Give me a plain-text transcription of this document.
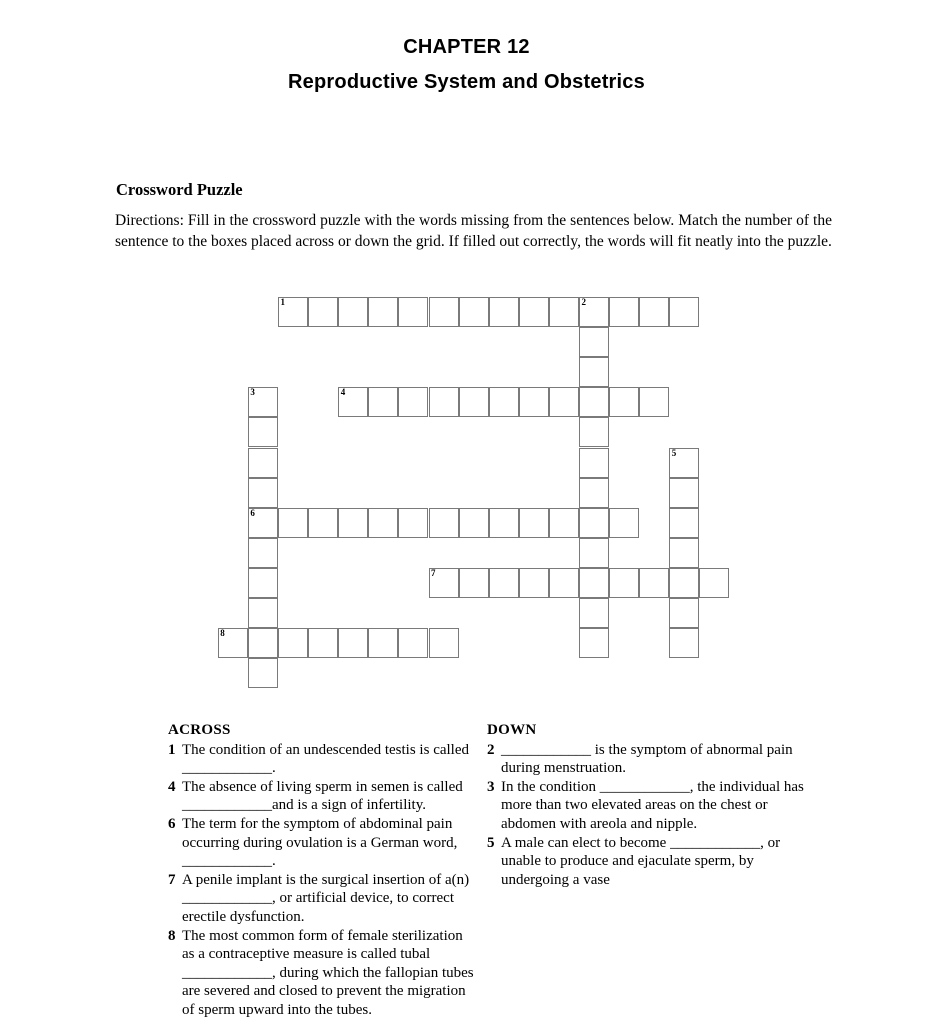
CHAPTER 12
Reproductive System and Obstetrics
Crossword Puzzle
Directions: Fill in the crossword puzzle with the words missing from the sentences below. Match the number of the sentence to the boxes placed across or down the grid. If filled out correctly, the words will fit neatly into the puzzle.
1	2
3
6
4
5
7
8
ACROSS
1 The condition of an undescended testis is called ____________.
4 The absence of living sperm in semen is called ____________and is a sign of infertility.
6 The term for the symptom of abdominal pain occurring during ovulation is a German word, ____________.
7 A penile implant is the surgical insertion of a(n) ____________, or artificial device, to correct erectile dysfunction.
8 The most common form of female sterilization as a contraceptive measure is called tubal ____________, during which the fallopian tubes are severed and closed to prevent the migration of sperm upward into the tubes.
DOWN
2 ____________ is the symptom of abnormal pain during menstruation.
3 In the condition ____________, the individual has more than two elevated areas on the chest or abdomen with areola and nipple.
5 A male can elect to become ____________, or unable to produce and ejaculate sperm, by undergoing a vase
